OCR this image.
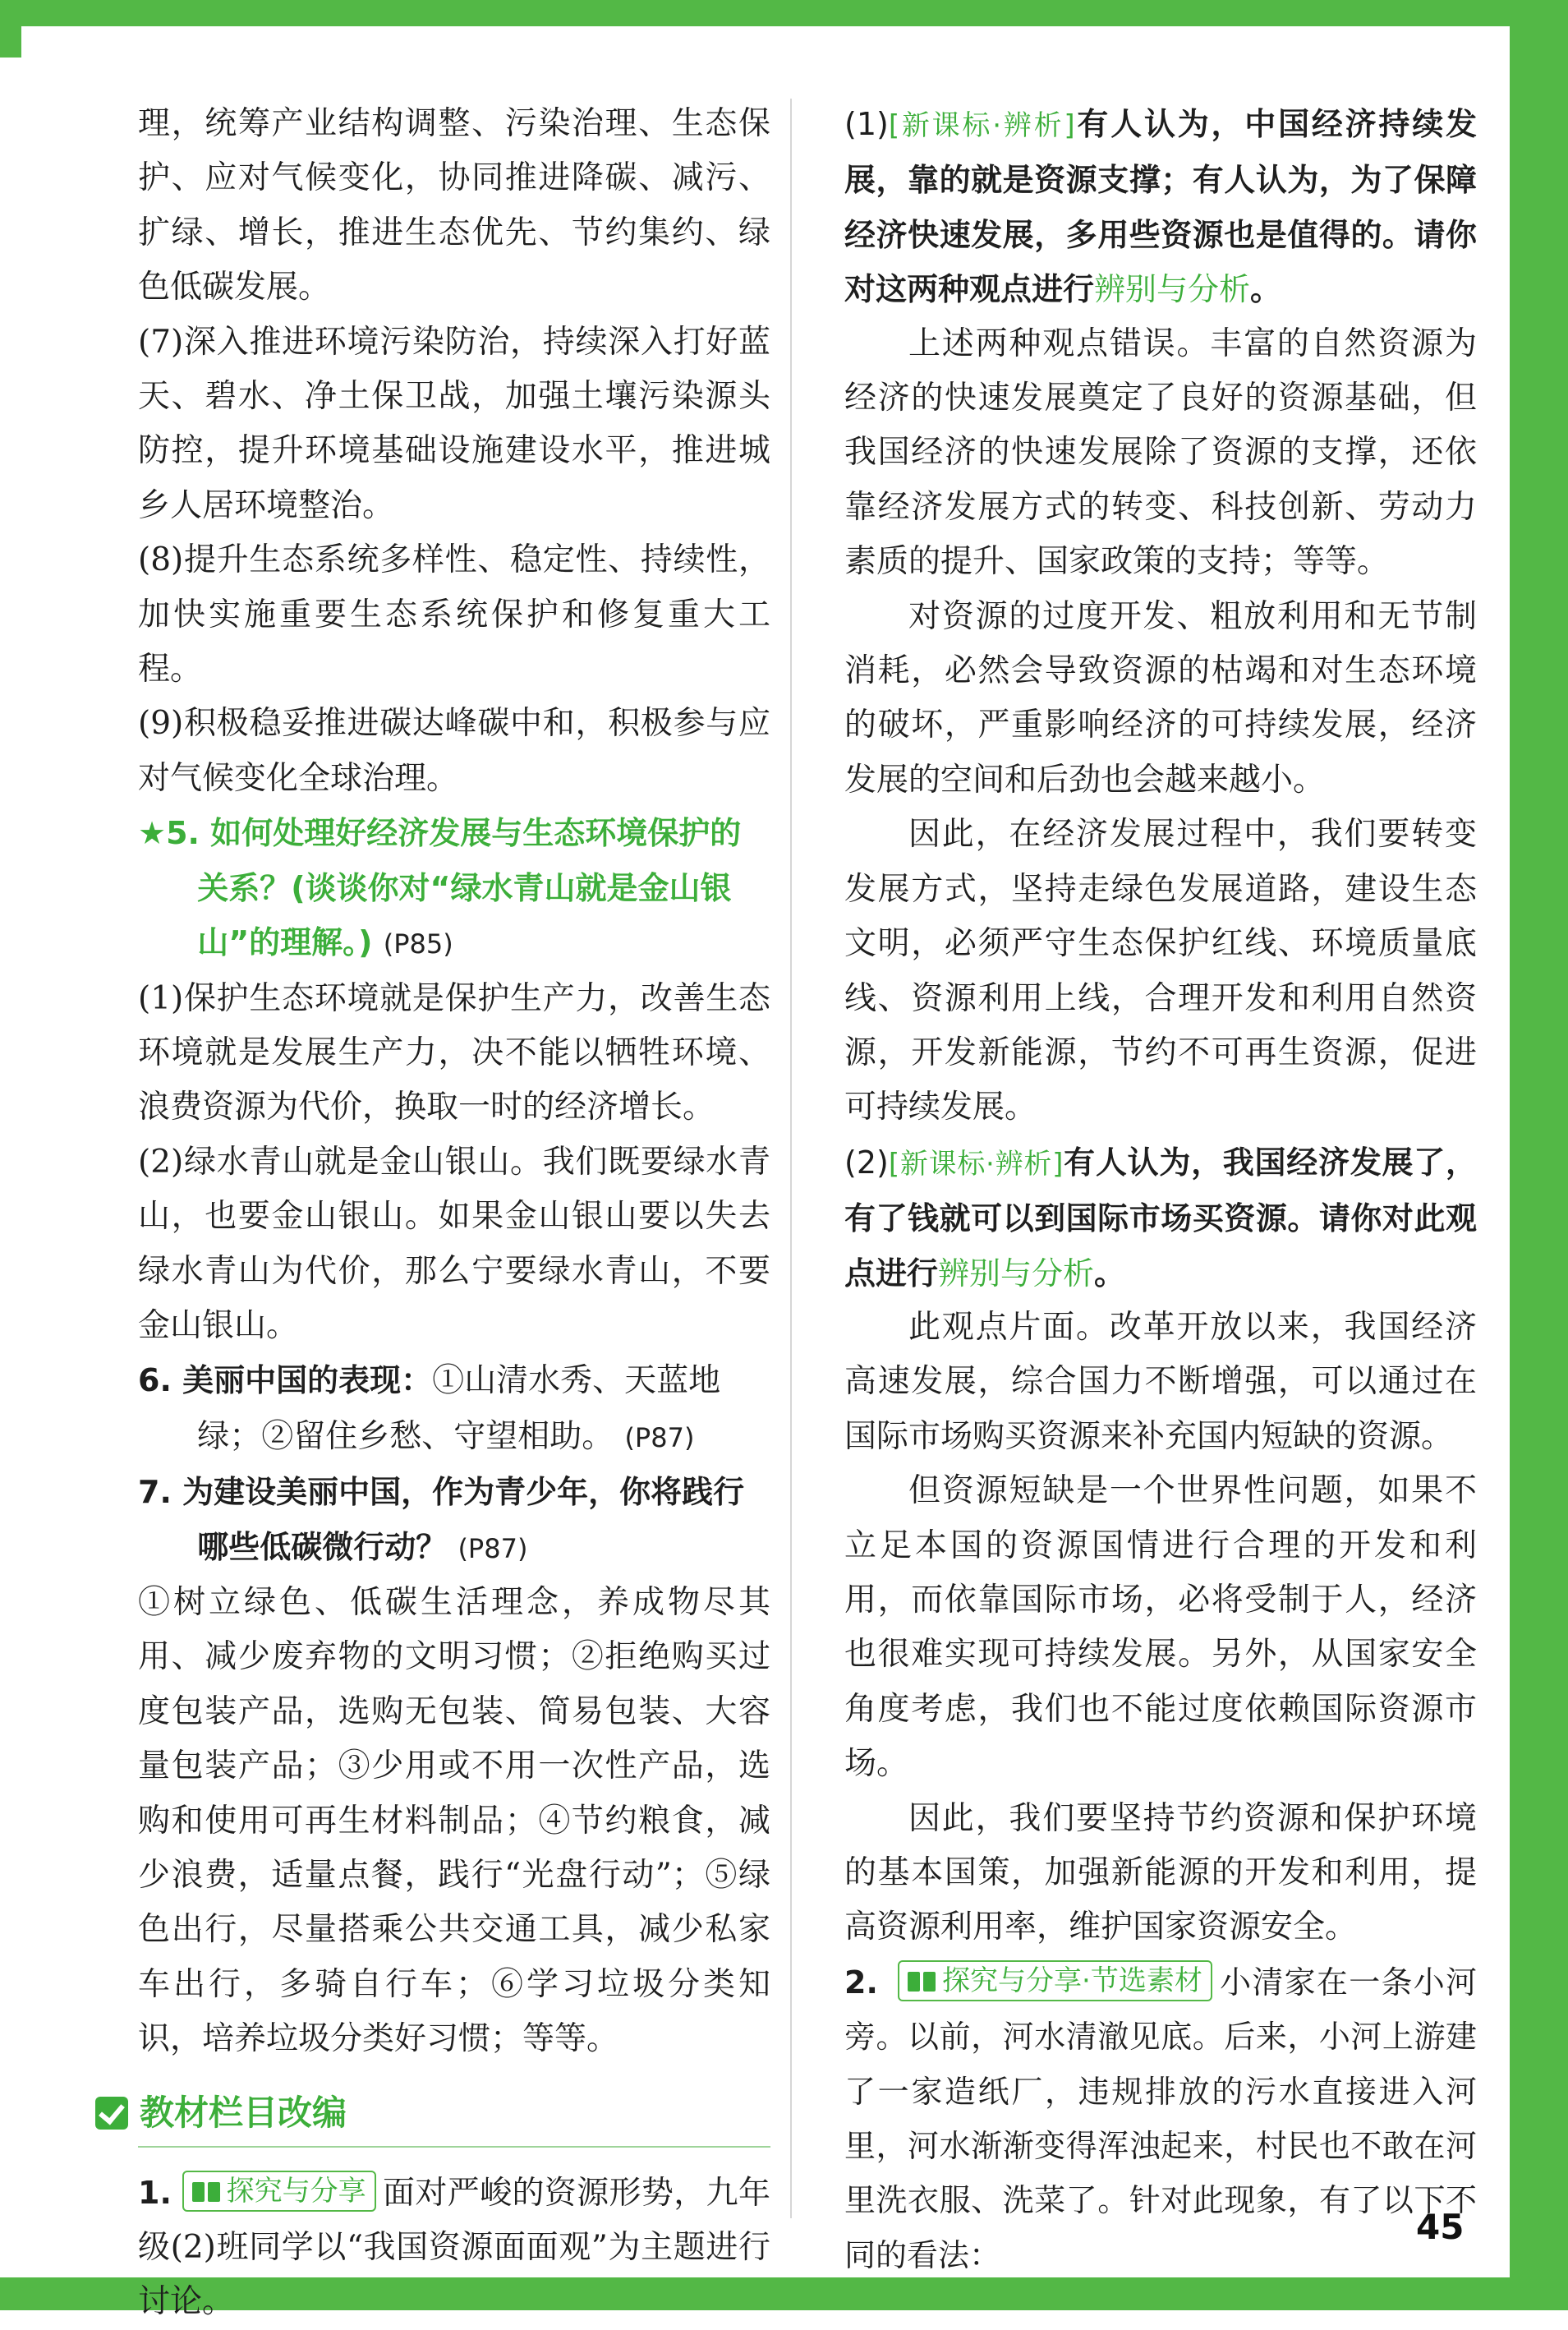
理，统筹产业结构调整、污染治理、生态保护、应对气候变化，协同推进降碳、减污、扩绿、增长，推进生态优先、节约集约、绿色低碳发展。

(7)深入推进环境污染防治，持续深入打好蓝天、碧水、净土保卫战，加强土壤污染源头防控，提升环境基础设施建设水平，推进城乡人居环境整治。

(8)提升生态系统多样性、稳定性、持续性，加快实施重要生态系统保护和修复重大工程。

(9)积极稳妥推进碳达峰碳中和，积极参与应对气候变化全球治理。

★5. 如何处理好经济发展与生态环境保护的关系？(谈谈你对“绿水青山就是金山银山”的理解。) (P85)

(1)保护生态环境就是保护生产力，改善生态环境就是发展生产力，决不能以牺牲环境、浪费资源为代价，换取一时的经济增长。

(2)绿水青山就是金山银山。我们既要绿水青山，也要金山银山。如果金山银山要以失去绿水青山为代价，那么宁要绿水青山，不要金山银山。

6. 美丽中国的表现：①山清水秀、天蓝地绿；②留住乡愁、守望相助。 (P87)

7. 为建设美丽中国，作为青少年，你将践行哪些低碳微行动？ (P87)

①树立绿色、低碳生活理念，养成物尽其用、减少废弃物的文明习惯；②拒绝购买过度包装产品，选购无包装、简易包装、大容量包装产品；③少用或不用一次性产品，选购和使用可再生材料制品；④节约粮食，减少浪费，适量点餐，践行“光盘行动”；⑤绿色出行，尽量搭乘公共交通工具，减少私家车出行，多骑自行车；⑥学习垃圾分类知识，培养垃圾分类好习惯；等等。

教材栏目改编

1. 探究与分享 面对严峻的资源形势，九年级(2)班同学以“我国资源面面观”为主题进行讨论。

(1)[新课标·辨析]有人认为，中国经济持续发展，靠的就是资源支撑；有人认为，为了保障经济快速发展，多用些资源也是值得的。请你对这两种观点进行辨别与分析。

上述两种观点错误。丰富的自然资源为经济的快速发展奠定了良好的资源基础，但我国经济的快速发展除了资源的支撑，还依靠经济发展方式的转变、科技创新、劳动力素质的提升、国家政策的支持；等等。

对资源的过度开发、粗放利用和无节制消耗，必然会导致资源的枯竭和对生态环境的破坏，严重影响经济的可持续发展，经济发展的空间和后劲也会越来越小。

因此，在经济发展过程中，我们要转变发展方式，坚持走绿色发展道路，建设生态文明，必须严守生态保护红线、环境质量底线、资源利用上线，合理开发和利用自然资源，开发新能源，节约不可再生资源，促进可持续发展。

(2)[新课标·辨析]有人认为，我国经济发展了，有了钱就可以到国际市场买资源。请你对此观点进行辨别与分析。

此观点片面。改革开放以来，我国经济高速发展，综合国力不断增强，可以通过在国际市场购买资源来补充国内短缺的资源。

但资源短缺是一个世界性问题，如果不立足本国的资源国情进行合理的开发和利用，而依靠国际市场，必将受制于人，经济也很难实现可持续发展。另外，从国家安全角度考虑，我们也不能过度依赖国际资源市场。

因此，我们要坚持节约资源和保护环境的基本国策，加强新能源的开发和利用，提高资源利用率，维护国家资源安全。

2. 探究与分享·节选素材 小清家在一条小河旁。以前，河水清澈见底。后来，小河上游建了一家造纸厂，违规排放的污水直接进入河里，河水渐渐变得浑浊起来，村民也不敢在河里洗衣服、洗菜了。针对此现象，有了以下不同的看法：

45
